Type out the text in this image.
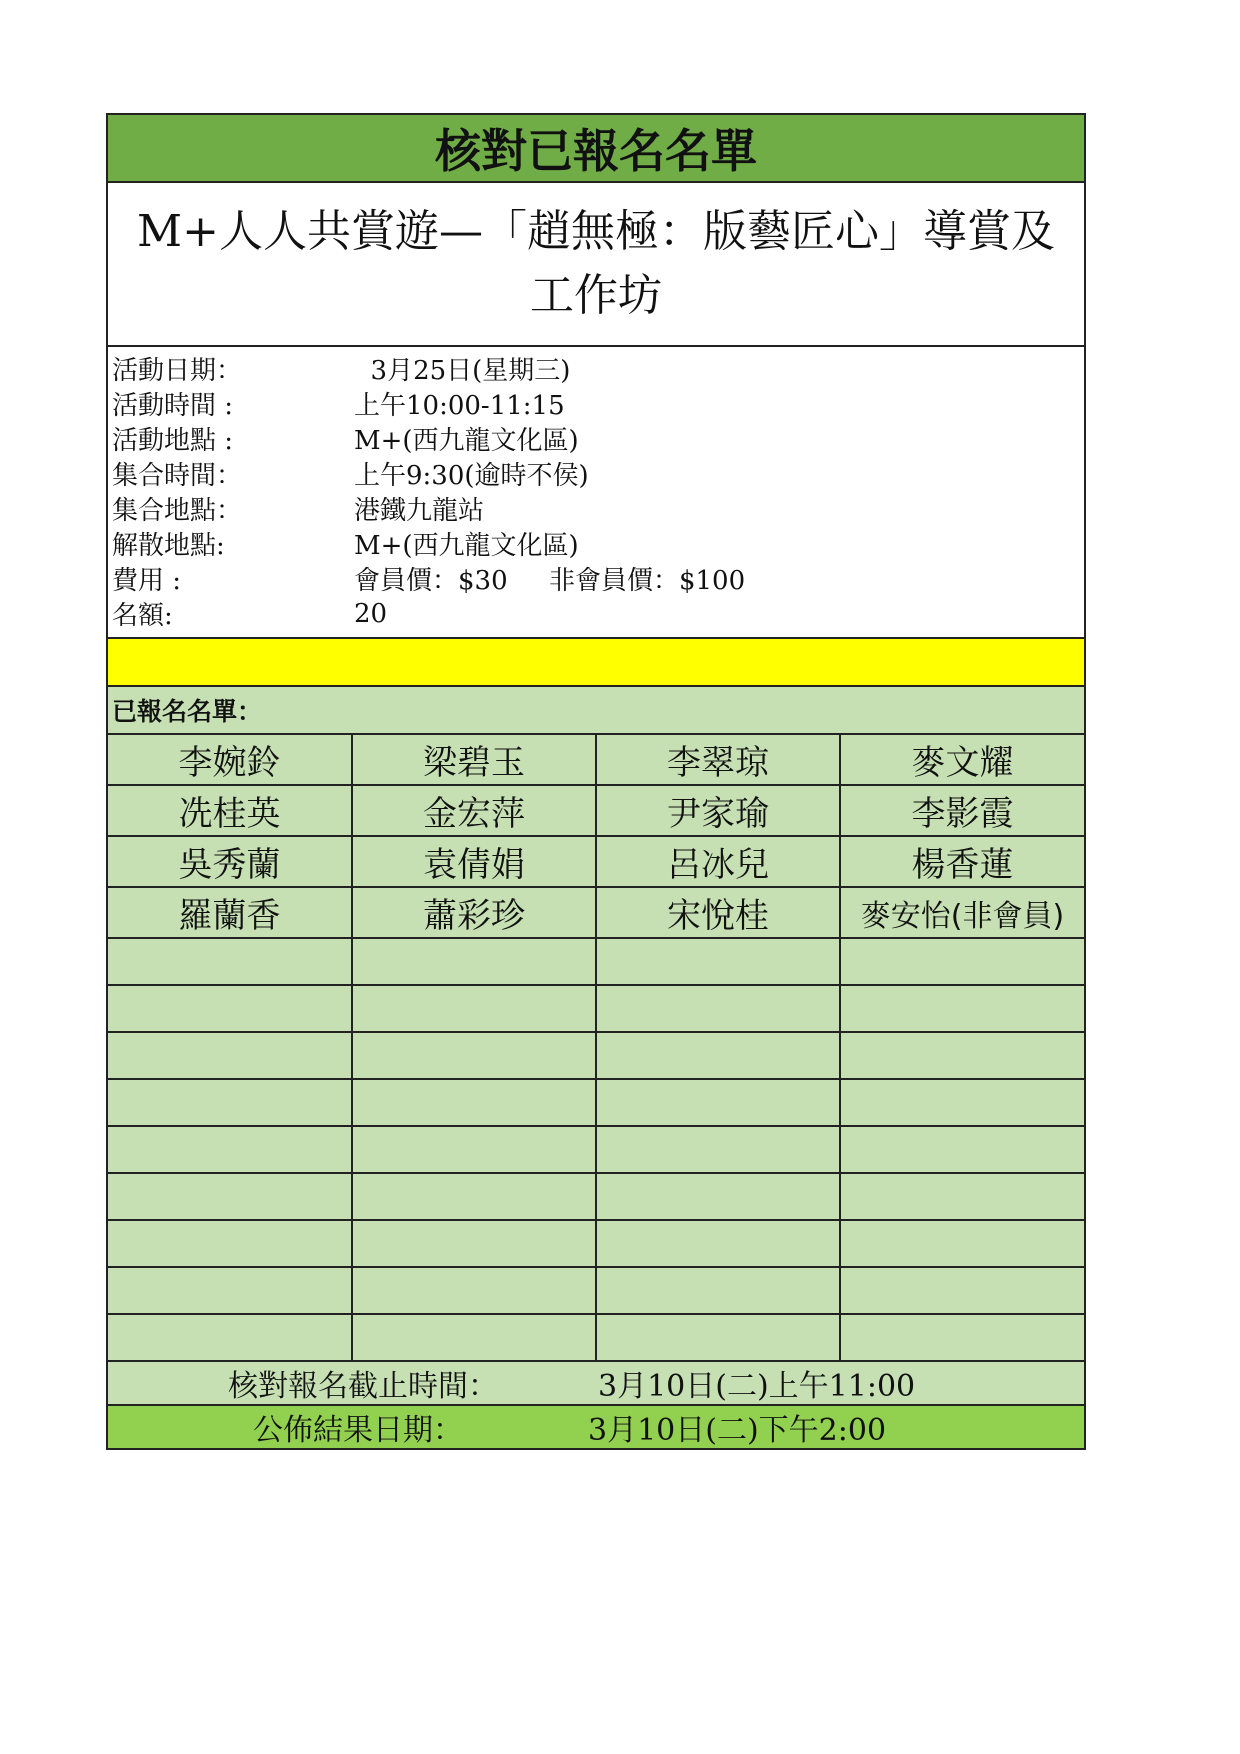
核對已報名名單
M+人人共賞遊—「趙無極：版藝匠心」導賞及工作坊
活動日期：	3月25日(星期三)
活動時間 :	上午10:00-11:15
活動地點 :	M+(西九龍文化區)
集合時間：	上午9:30(逾時不侯)
集合地點：	港鐵九龍站
解散地點:	M+(西九龍文化區)
費用 :	會員價：$30     非會員價：$100
名額:	20
已報名名單：
李婉鈴	梁碧玉	李翠琼	麥文耀
冼桂英	金宏萍	尹家瑜	李影霞
吳秀蘭	袁倩娟	呂冰兒	楊香蓮
羅蘭香	蕭彩珍	宋悅桂	麥安怡(非會員)

核對報名截止時間：	3月10日(二)上午11:00
公佈結果日期：	3月10日(二)下午2:00
